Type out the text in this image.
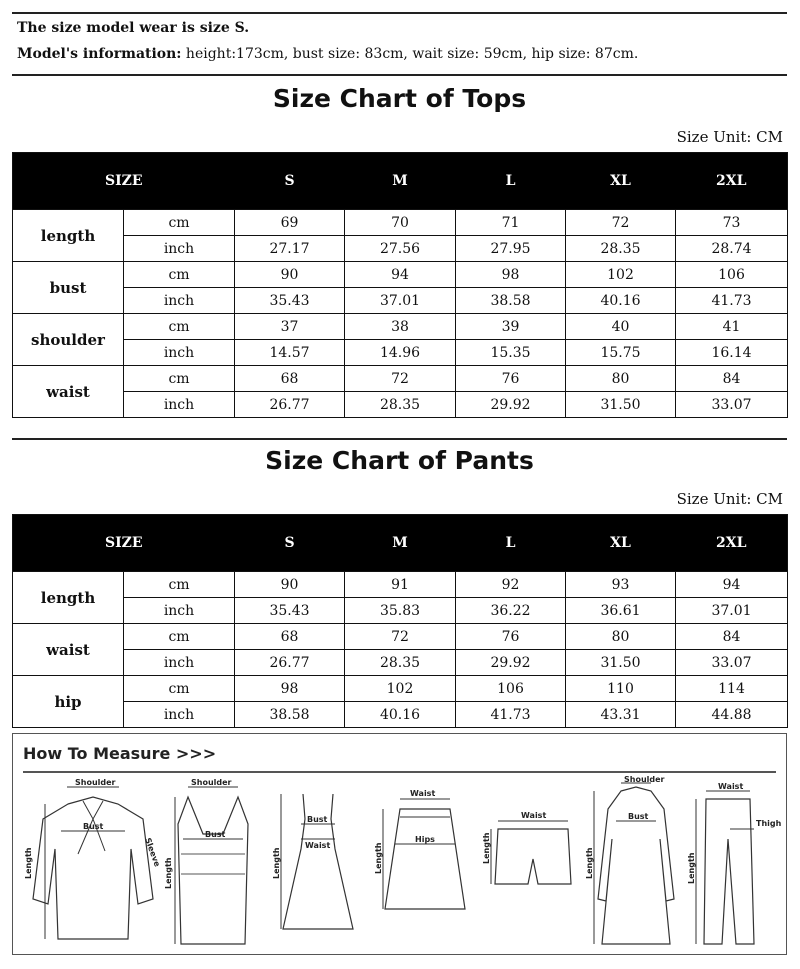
The size model wear is size S.
Model's information: height:173cm, bust size: 83cm, wait size: 59cm, hip size: 87cm.
Size Chart of Tops
Size Unit: CM
SIZE		S	M	L	XL	2XL
length	cm	69	70	71	72	73
	inch	27.17	27.56	27.95	28.35	28.74
bust	cm	90	94	98	102	106
	inch	35.43	37.01	38.58	40.16	41.73
shoulder	cm	37	38	39	40	41
	inch	14.57	14.96	15.35	15.75	16.14
waist	cm	68	72	76	80	84
	inch	26.77	28.35	29.92	31.50	33.07
Size Chart of Pants
Size Unit: CM
SIZE		S	M	L	XL	2XL
length	cm	90	91	92	93	94
	inch	35.43	35.83	36.22	36.61	37.01
waist	cm	68	72	76	80	84
	inch	26.77	28.35	29.92	31.50	33.07
hip	cm	98	102	106	110	114
	inch	38.58	40.16	41.73	43.31	44.88
How To Measure >>>
Shoulder
Bust
Length	Sleeve
Shoulder
Bust
Length
Bust
Waist
Length
Waist
Hips
Length
Waist
Length
Shoulder
Bust
Length
Waist
Thigh
Length
